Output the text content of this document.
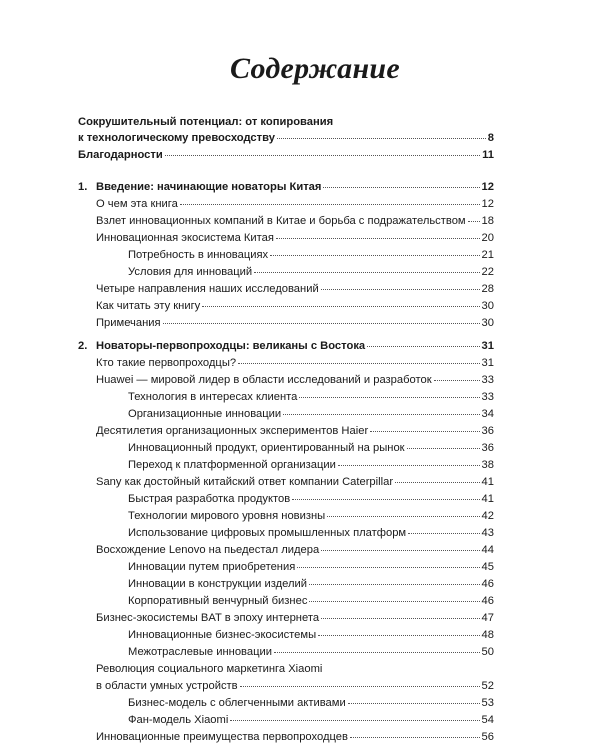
Содержание
Сокрушительный потенциал: от копирования
к технологическому превосходству	8
Благодарности	11
1. Введение: начинающие новаторы Китая	12
О чем эта книга	12
Взлет инновационных компаний в Китае и борьба с подражательством 18
Инновационная экосистема Китая	20
Потребность в инновациях	21
Условия для инноваций	22
Четыре направления наших исследований	28
Как читать эту книгу	30
Примечания	30
2. Новаторы-первопроходцы: великаны с Востока	31
Кто такие первопроходцы?	31
Huawei — мировой лидер в области исследований и разработок	33
Технология в интересах клиента	33
Организационные инновации	34
Десятилетия организационных экспериментов Haier	36
Инновационный продукт, ориентированный на рынок	36
Переход к платформенной организации	38
Sany как достойный китайский ответ компании Caterpillar	41
Быстрая разработка продуктов	41
Технологии мирового уровня новизны	42
Использование цифровых промышленных платформ	43
Восхождение Lenovo на пьедестал лидера	44
Инновации путем приобретения	45
Инновации в конструкции изделий	46
Корпоративный венчурный бизнес	46
Бизнес-экосистемы BAT в эпоху интернета	47
Инновационные бизнес-экосистемы	48
Межотраслевые инновации	50
Революция социального маркетинга Xiaomi
в области умных устройств	52
Бизнес-модель с облегченными активами	53
Фан-модель Xiaomi	54
Инновационные преимущества первопроходцев	56
